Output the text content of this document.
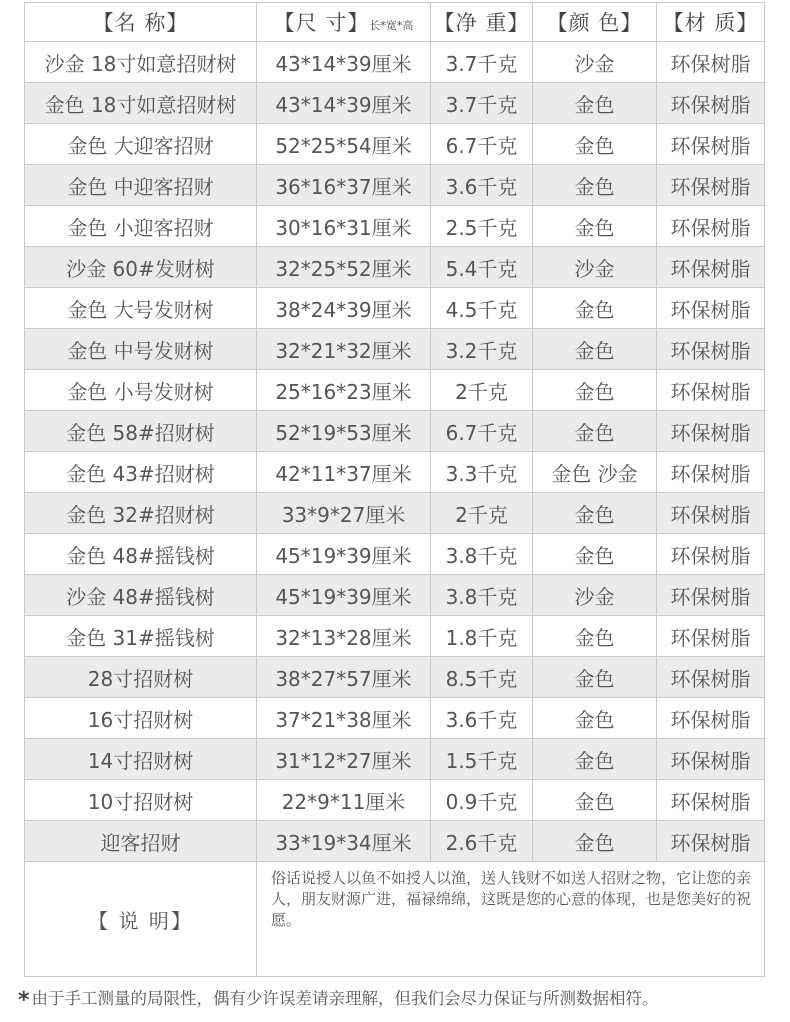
【名 称】	【尺 寸】长*宽*高	【净 重】	【颜 色】	【材 质】
沙金 18寸如意招财树	43*14*39厘米	3.7千克	沙金	环保树脂
金色 18寸如意招财树	43*14*39厘米	3.7千克	金色	环保树脂
金色 大迎客招财	52*25*54厘米	6.7千克	金色	环保树脂
金色 中迎客招财	36*16*37厘米	3.6千克	金色	环保树脂
金色 小迎客招财	30*16*31厘米	2.5千克	金色	环保树脂
沙金 60#发财树	32*25*52厘米	5.4千克	沙金	环保树脂
金色 大号发财树	38*24*39厘米	4.5千克	金色	环保树脂
金色 中号发财树	32*21*32厘米	3.2千克	金色	环保树脂
金色 小号发财树	25*16*23厘米	2千克	金色	环保树脂
金色 58#招财树	52*19*53厘米	6.7千克	金色	环保树脂
金色 43#招财树	42*11*37厘米	3.3千克	金色 沙金	环保树脂
金色 32#招财树	33*9*27厘米	2千克	金色	环保树脂
金色 48#摇钱树	45*19*39厘米	3.8千克	金色	环保树脂
沙金 48#摇钱树	45*19*39厘米	3.8千克	沙金	环保树脂
金色 31#摇钱树	32*13*28厘米	1.8千克	金色	环保树脂
28寸招财树	38*27*57厘米	8.5千克	金色	环保树脂
16寸招财树	37*21*38厘米	3.6千克	金色	环保树脂
14寸招财树	31*12*27厘米	1.5千克	金色	环保树脂
10寸招财树	22*9*11厘米	0.9千克	金色	环保树脂
迎客招财	33*19*34厘米	2.6千克	金色	环保树脂
【 说 明】	俗话说授人以鱼不如授人以渔，送人钱财不如送人招财之物，它让您的亲人，朋友财源广进，福禄绵绵，这既是您的心意的体现，也是您美好的祝愿。			
* 由于手工测量的局限性，偶有少许误差请亲理解，但我们会尽力保证与所测数据相符。
